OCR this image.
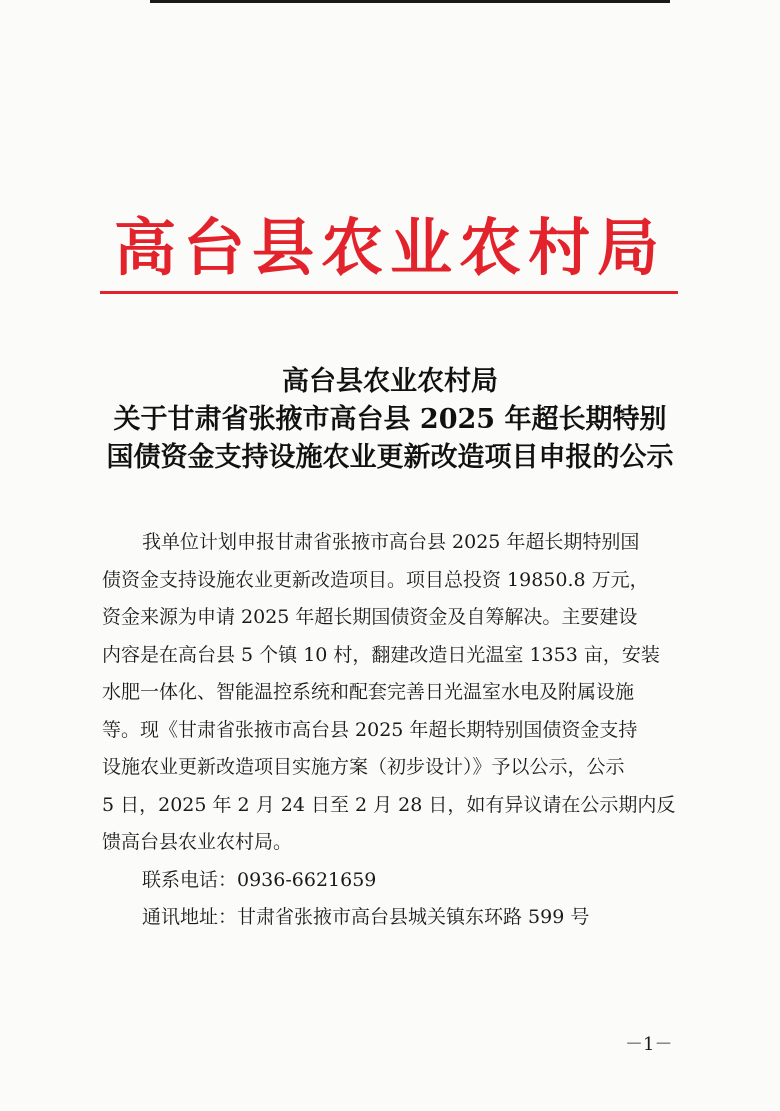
高台县农业农村局
高台县农业农村局
关于甘肃省张掖市高台县 2025 年超长期特别
国债资金支持设施农业更新改造项目申报的公示
我单位计划申报甘肃省张掖市高台县 2025 年超长期特别国
债资金支持设施农业更新改造项目。项目总投资 19850.8 万元，
资金来源为申请 2025 年超长期国债资金及自筹解决。主要建设
内容是在高台县 5 个镇 10 村，翻建改造日光温室 1353 亩，安装
水肥一体化、智能温控系统和配套完善日光温室水电及附属设施
等。现《甘肃省张掖市高台县 2025 年超长期特别国债资金支持
设施农业更新改造项目实施方案（初步设计）》予以公示，公示
5 日，2025 年 2 月 24 日至 2 月 28 日，如有异议请在公示期内反
馈高台县农业农村局。
联系电话：0936-6621659
通讯地址：甘肃省张掖市高台县城关镇东环路 599 号
－1－
